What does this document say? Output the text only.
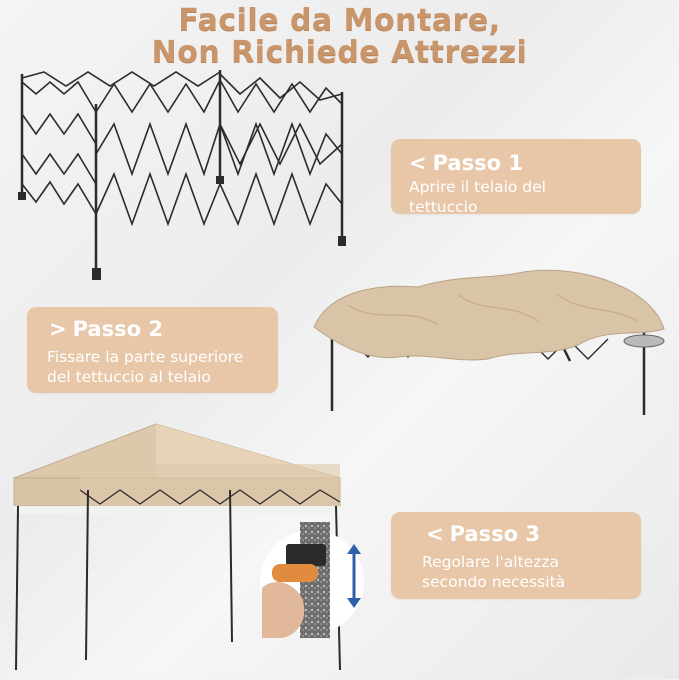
Facile da Montare,
Non Richiede Attrezzi
< Passo 1
Aprire il telaio del
tettuccio
> Passo 2
Fissare la parte superiore
del tettuccio al telaio
< Passo 3
Regolare l'altezza
secondo necessità
